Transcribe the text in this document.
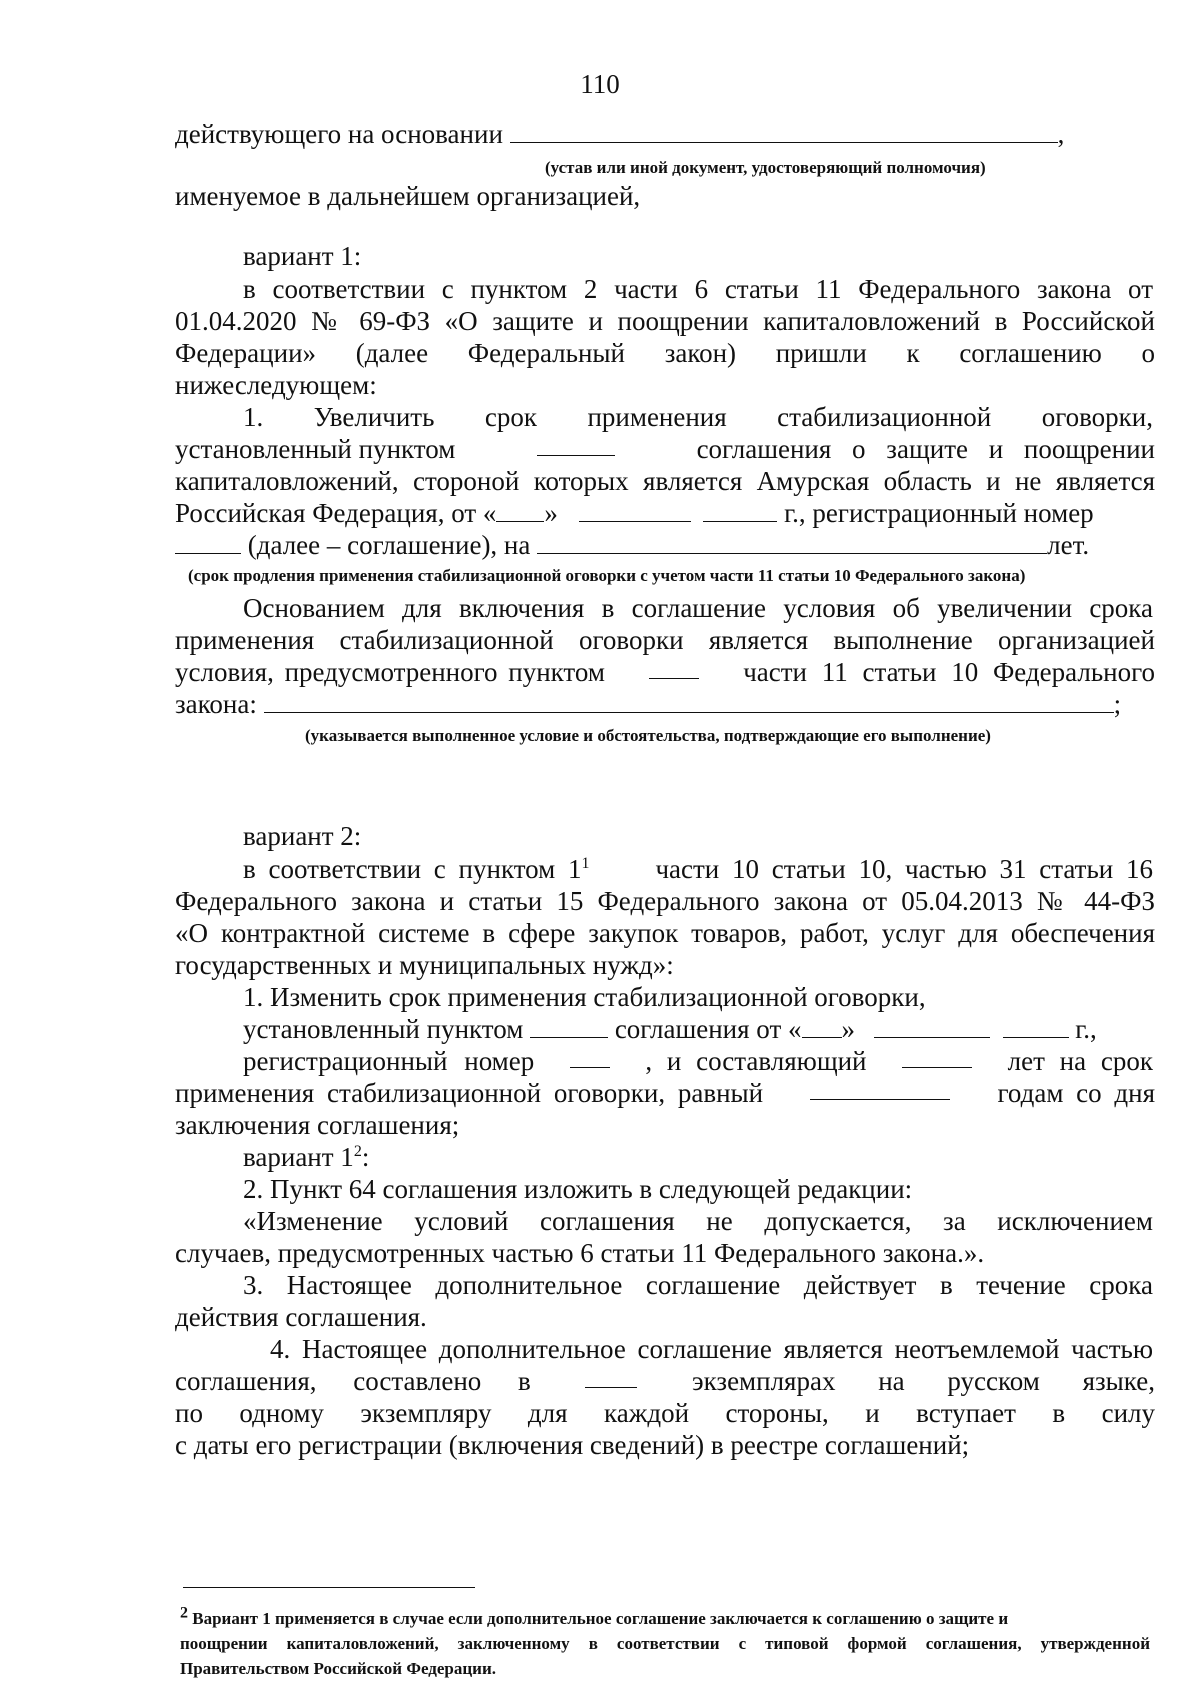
110
действующего на основании	,
(устав или иной документ, удостоверяющий полномочия)
именуемое в дальнейшем организацией,
вариант 1:
в соответствии с пунктом 2 части 6 статьи 11 Федерального закона от
01.04.2020 № 69-ФЗ «О защите и поощрении капиталовложений в Российской
Федерации» (далее Федеральный закон) пришли к соглашению о
нижеследующем:
1. Увеличить срок применения стабилизационной оговорки,
установленный пунктом	соглашения о защите и поощрении
капиталовложений, стороной которых является Амурская область и не является
Российская Федерация, от « »	г., регистрационный номер
(далее – соглашение), на	лет.
(срок продления применения стабилизационной оговорки с учетом части 11 статьи 10 Федерального закона)
Основанием для включения в соглашение условия об увеличении срока
применения стабилизационной оговорки является выполнение организацией
условия, предусмотренного пунктом	части 11 статьи 10 Федерального
закона:	;
(указывается выполненное условие и обстоятельства, подтверждающие его выполнение)
вариант 2:
в соответствии с пунктом $1^1$ части 10 статьи 10, частью 31 статьи 16
Федерального закона и статьи 15 Федерального закона от 05.04.2013 № 44-ФЗ
«О контрактной системе в сфере закупок товаров, работ, услуг для обеспечения
государственных и муниципальных нужд»:
1. Изменить срок применения стабилизационной оговорки,
установленный пунктом	соглашения от « »	г.,
регистрационный номер	, и составляющий	лет на срок
применения стабилизационной оговорки, равный	годам со дня
заключения соглашения;
вариант $1^2$:
2. Пункт 64 соглашения изложить в следующей редакции:
«Изменение условий соглашения не допускается, за исключением
случаев, предусмотренных частью 6 статьи 11 Федерального закона.».
3. Настоящее дополнительное соглашение действует в течение срока
действия соглашения.
4. Настоящее дополнительное соглашение является неотъемлемой частью
соглашения, составлено в	экземплярах на русском языке,
по одному экземпляру для каждой стороны, и вступает в силу
с даты его регистрации (включения сведений) в реестре соглашений;
$^2$ Вариант 1 применяется в случае если дополнительное соглашение заключается к соглашению о защите и
поощрении капиталовложений, заключенному в соответствии с типовой формой соглашения, утвержденной
Правительством Российской Федерации.
